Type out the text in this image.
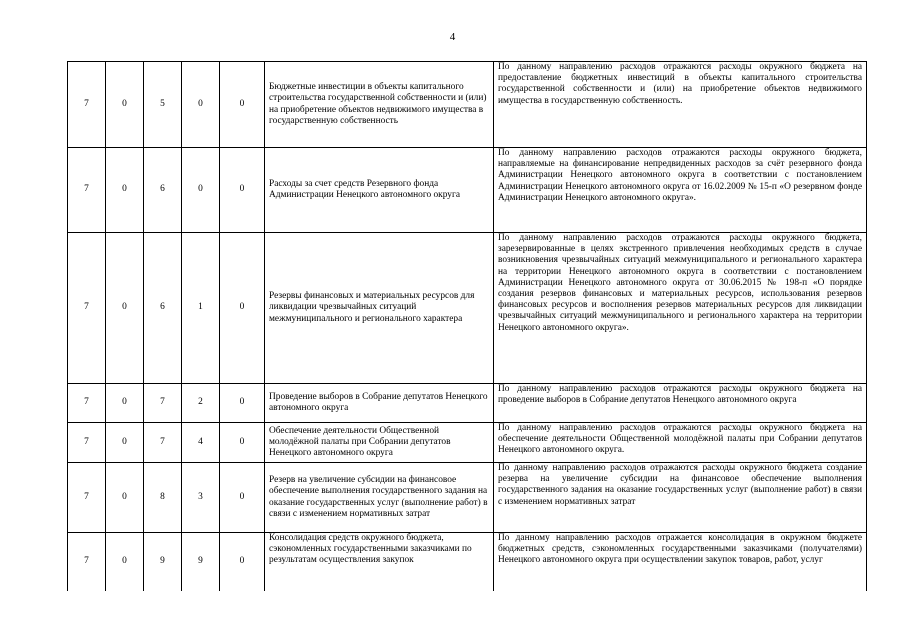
4
7	0	5	0	0	Бюджетные инвестиции в объекты капитального строительства государственной собственности и (или) на приобретение объектов недвижимого имущества в государственную собственность	По данному направлению расходов отражаются расходы окружного бюджета на предоставление бюджетных инвестиций в объекты капитального строительства государственной собственности и (или) на приобретение объектов недвижимого имущества в государственную собственность.
7	0	6	0	0	Расходы за счет средств Резервного фонда Администрации Ненецкого автономного округа	По данному направлению расходов отражаются расходы окружного бюджета, направляемые на финансирование непредвиденных расходов за счёт резервного фонда Администрации Ненецкого автономного округа в соответствии с постановлением Администрации Ненецкого автономного округа от 16.02.2009 № 15-п «О резервном фонде Администрации Ненецкого автономного округа».
7	0	6	1	0	Резервы финансовых и материальных ресурсов для ликвидации чрезвычайных ситуаций межмуниципального и регионального характера	По данному направлению расходов отражаются расходы окружного бюджета, зарезервированные в целях экстренного привлечения необходимых средств в случае возникновения чрезвычайных ситуаций межмуниципального и регионального характера на территории Ненецкого автономного округа в соответствии с постановлением Администрации Ненецкого автономного округа от 30.06.2015 № 198-п «О порядке создания резервов финансовых и материальных ресурсов, использования резервов финансовых ресурсов и восполнения резервов материальных ресурсов для ликвидации чрезвычайных ситуаций межмуниципального и регионального характера на территории Ненецкого автономного округа».
7	0	7	2	0	Проведение выборов в Собрание депутатов Ненецкого автономного округа	По данному направлению расходов отражаются расходы окружного бюджета на проведение выборов в Собрание депутатов Ненецкого автономного округа
7	0	7	4	0	Обеспечение деятельности Общественной молодёжной палаты при Собрании депутатов Ненецкого автономного округа	По данному направлению расходов отражаются расходы окружного бюджета на обеспечение деятельности Общественной молодёжной палаты при Собрании депутатов Ненецкого автономного округа.
7	0	8	3	0	Резерв на увеличение субсидии на финансовое обеспечение выполнения государственного задания на оказание государственных услуг (выполнение работ) в связи с изменением нормативных затрат	По данному направлению расходов отражаются расходы окружного бюджета создание резерва на увеличение субсидии на финансовое обеспечение выполнения государственного задания на оказание государственных услуг (выполнение работ) в связи с изменением нормативных затрат
7	0	9	9	0	Консолидация средств окружного бюджета, сэкономленных государственными заказчиками по результатам осуществления закупок	По данному направлению расходов отражается консолидация в окружном бюджете бюджетных средств, сэкономленных государственными заказчиками (получателями) Ненецкого автономного округа при осуществлении закупок товаров, работ, услуг
